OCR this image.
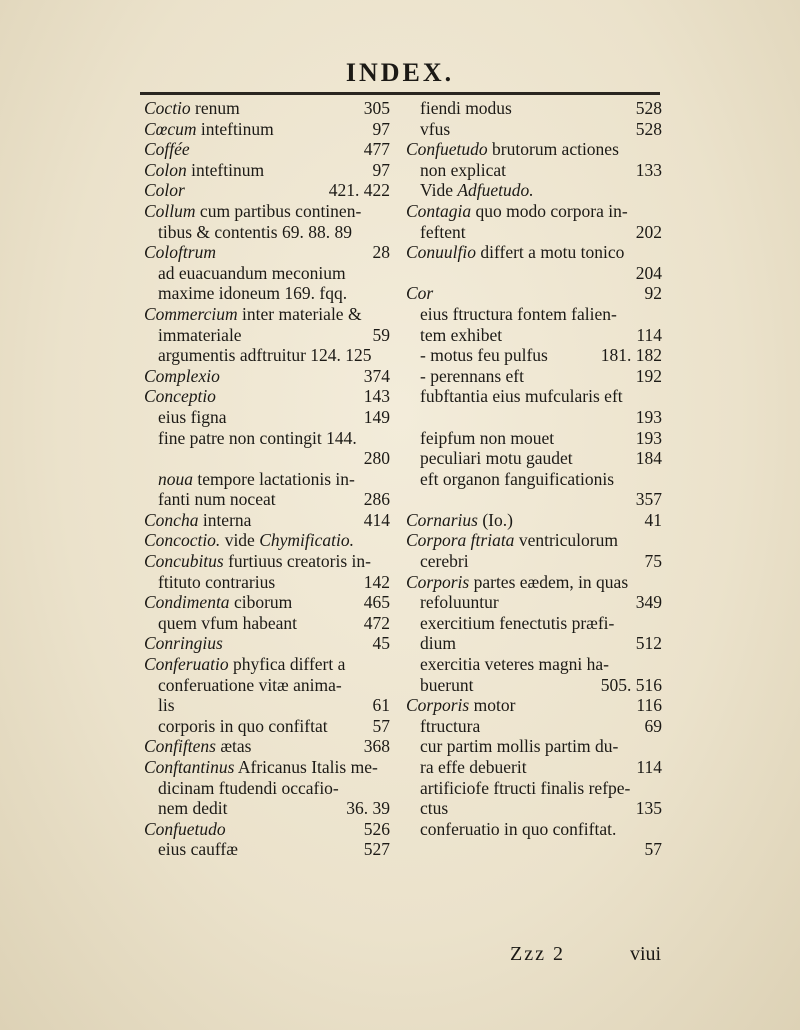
INDEX.
Coctio renum	305
Cœcum inteftinum	97
Coffée	477
Colon inteftinum	97
Color	421. 422
Collum cum partibus continen-
tibus & contentis 69. 88. 89
Coloftrum	28
ad euacuandum meconium
maxime idoneum 169. fqq.
Commercium inter materiale &
immateriale	59
argumentis adftruitur 124. 125
Complexio	374
Conceptio	143
eius figna	149
fine patre non contingit 144.
280
noua tempore lactationis in-
fanti num noceat	286
Concha interna	414
Concoctio. vide Chymificatio.
Concubitus furtiuus creatoris in-
ftituto contrarius	142
Condimenta ciborum	465
quem vfum habeant	472
Conringius	45
Conferuatio phyfica differt a
conferuatione vitæ anima-
lis	61
corporis in quo confiftat	57
Confiftens ætas	368
Conftantinus Africanus Italis me-
dicinam ftudendi occafio-
nem dedit	36. 39
Confuetudo	526
eius cauffæ	527
fiendi modus	528
vfus	528
Confuetudo brutorum actiones
non explicat	133
Vide Adfuetudo.
Contagia quo modo corpora in-
feftent	202
Conuulfio differt a motu tonico
204
Cor	92
eius ftructura fontem falien-
tem exhibet	114
- motus feu pulfus	181. 182
- perennans eft	192
fubftantia eius mufcularis eft
193
feipfum non mouet	193
peculiari motu gaudet	184
eft organon fanguificationis
357
Cornarius (Io.)	41
Corpora ftriata ventriculorum
cerebri	75
Corporis partes eædem, in quas
refoluuntur	349
exercitium fenectutis præfi-
dium	512
exercitia veteres magni ha-
buerunt	505. 516
Corporis motor	116
ftructura	69
cur partim mollis partim du-
ra effe debuerit	114
artificiofe ftructi finalis refpe-
ctus	135
conferuatio in quo confiftat.
57
Zzz 2	viui
